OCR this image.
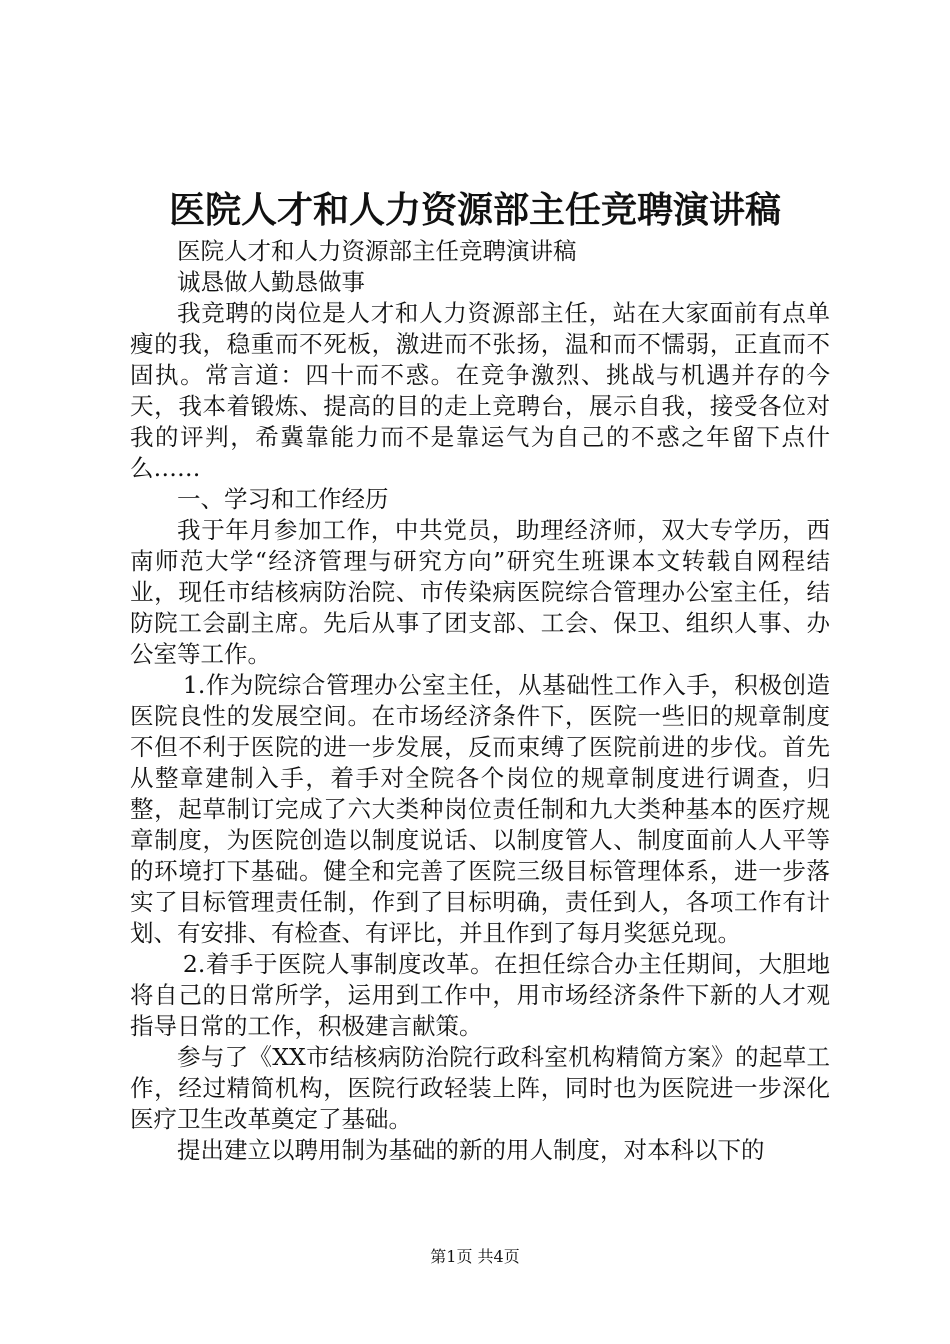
医院人才和人力资源部主任竞聘演讲稿

医院人才和人力资源部主任竞聘演讲稿

诚恳做人勤恳做事

我竞聘的岗位是人才和人力资源部主任，站在大家面前有点单瘦的我，稳重而不死板，激进而不张扬，温和而不懦弱，正直而不固执。常言道：四十而不惑。在竞争激烈、挑战与机遇并存的今天，我本着锻炼、提高的目的走上竞聘台，展示自我，接受各位对我的评判，希冀靠能力而不是靠运气为自己的不惑之年留下点什么……

一、学习和工作经历

我于年月参加工作，中共党员，助理经济师，双大专学历，西南师范大学“经济管理与研究方向”研究生班课本文转载自网程结业，现任市结核病防治院、市传染病医院综合管理办公室主任，结防院工会副主席。先后从事了团支部、工会、保卫、组织人事、办公室等工作。

1.作为院综合管理办公室主任，从基础性工作入手，积极创造医院良性的发展空间。在市场经济条件下，医院一些旧的规章制度不但不利于医院的进一步发展，反而束缚了医院前进的步伐。首先从整章建制入手，着手对全院各个岗位的规章制度进行调查，归整，起草制订完成了六大类种岗位责任制和九大类种基本的医疗规章制度，为医院创造以制度说话、以制度管人、制度面前人人平等的环境打下基础。健全和完善了医院三级目标管理体系，进一步落实了目标管理责任制，作到了目标明确，责任到人，各项工作有计划、有安排、有检查、有评比，并且作到了每月奖惩兑现。

2.着手于医院人事制度改革。在担任综合办主任期间，大胆地将自己的日常所学，运用到工作中，用市场经济条件下新的人才观指导日常的工作，积极建言献策。

参与了《XX市结核病防治院行政科室机构精简方案》的起草工作，经过精简机构，医院行政轻装上阵，同时也为医院进一步深化医疗卫生改革奠定了基础。

提出建立以聘用制为基础的新的用人制度，对本科以下的

第1页 共4页
